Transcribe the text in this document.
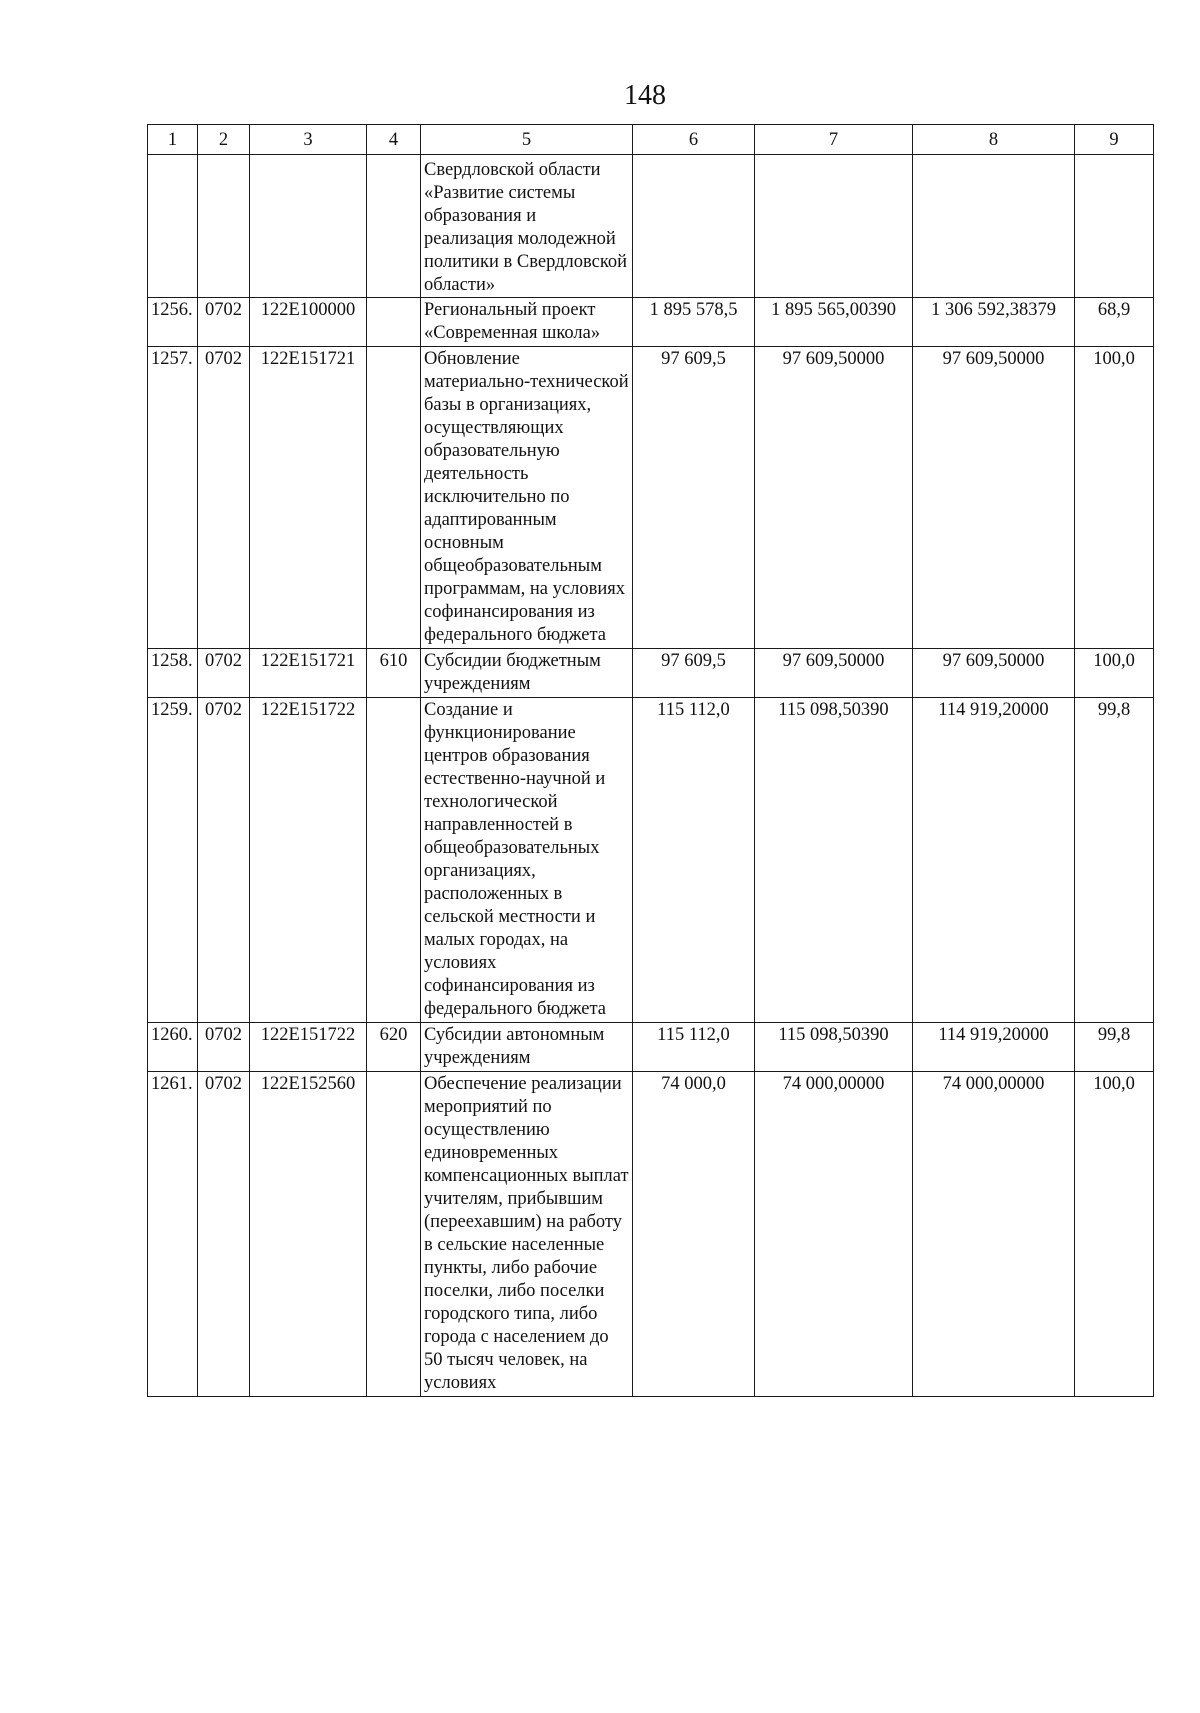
148
1	2	3	4	5	6	7	8	9
				Свердловской области «Развитие системы образования и реализация молодежной политики в Свердловской области»				
1256.	0702	122E100000		Региональный проект «Современная школа»	1 895 578,5	1 895 565,00390	1 306 592,38379	68,9
1257.	0702	122E151721		Обновление материально-технической базы в организациях, осуществляющих образовательную деятельность исключительно по адаптированным основным общеобразовательным программам, на условиях софинансирования из федерального бюджета	97 609,5	97 609,50000	97 609,50000	100,0
1258.	0702	122E151721	610	Субсидии бюджетным учреждениям	97 609,5	97 609,50000	97 609,50000	100,0
1259.	0702	122E151722		Создание и функционирование центров образования естественно-научной и технологической направленностей в общеобразовательных организациях, расположенных в сельской местности и малых городах, на условиях софинансирования из федерального бюджета	115 112,0	115 098,50390	114 919,20000	99,8
1260.	0702	122E151722	620	Субсидии автономным учреждениям	115 112,0	115 098,50390	114 919,20000	99,8
1261.	0702	122E152560		Обеспечение реализации мероприятий по осуществлению единовременных компенсационных выплат учителям, прибывшим (переехавшим) на работу в сельские населенные пункты, либо рабочие поселки, либо поселки городского типа, либо города с населением до 50 тысяч человек, на условиях	74 000,0	74 000,00000	74 000,00000	100,0
